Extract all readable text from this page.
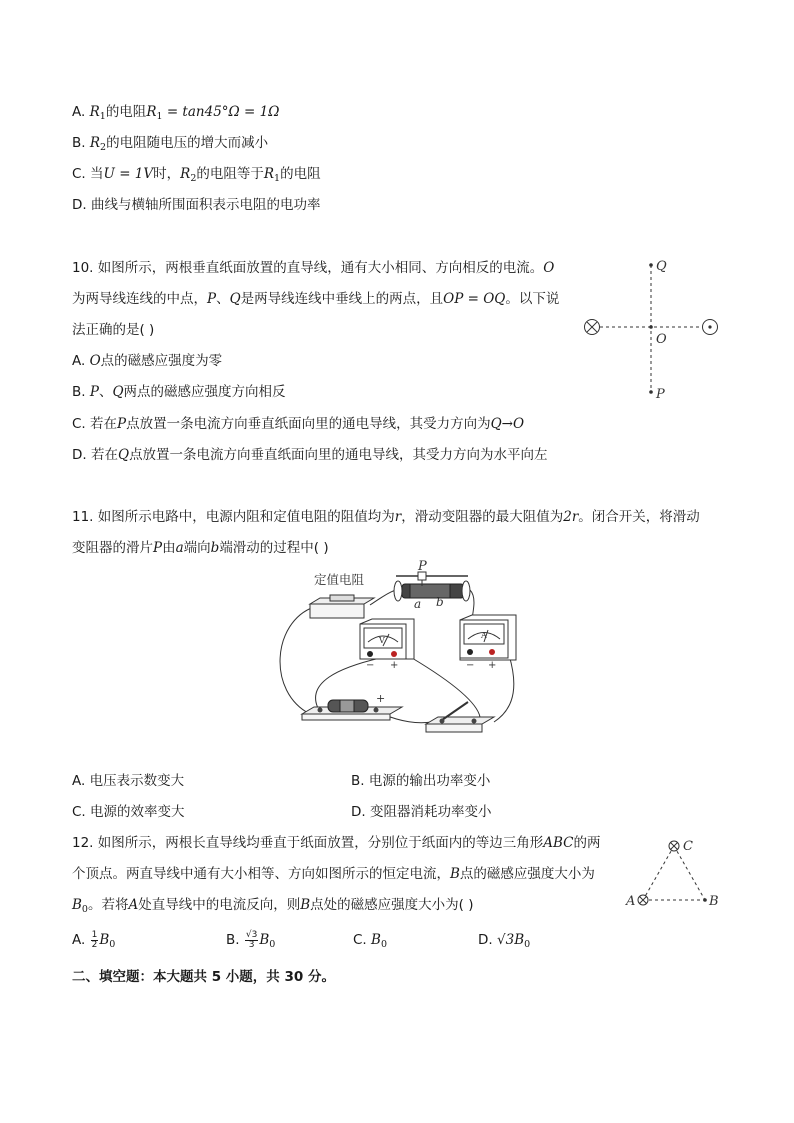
A. $R_1$的电阻$R_1 = \tan 45^\circ\Omega = 1\Omega$
B. $R_2$的电阻随电压的增大而减小
C. 当U = 1V时，$R_2$的电阻等于$R_1$的电阻
D. 曲线与横轴所围面积表示电阻的电功率
10. 如图所示，两根垂直纸面放置的直导线，通有大小相同、方向相反的电流。O
为两导线连线的中点，P、Q是两导线连线中垂线上的两点，且OP = OQ。以下说
法正确的是( )
A. O点的磁感应强度为零
B. P、Q两点的磁感应强度方向相反
C. 若在P点放置一条电流方向垂直纸面向里的通电导线，其受力方向为Q→O
D. 若在Q点放置一条电流方向垂直纸面向里的通电导线，其受力方向为水平向左
Q
O
P
11. 如图所示电路中，电源内阻和定值电阻的阻值均为r，滑动变阻器的最大阻值为2r。闭合开关，将滑动
变阻器的滑片P由a端向b端滑动的过程中( )
定值电阻
P
a b
V
− +
A
− +
+
A. 电压表示数变大	B. 电源的输出功率变小
C. 电源的效率变大	D. 变阻器消耗功率变小
12. 如图所示，两根长直导线均垂直于纸面放置，分别位于纸面内的等边三角形ABC的两
个顶点。两直导线中通有大小相等、方向如图所示的恒定电流，B点的磁感应强度大小为
$B_0$。若将A处直导线中的电流反向，则B点处的磁感应强度大小为( )
A. $\frac{1}{2} B_0$	B. $\frac{√3}{3} B_0$	C. $B_0$	D. $√3B_0$
C
A	B
二、填空题：本大题共 5 小题，共 30 分。
